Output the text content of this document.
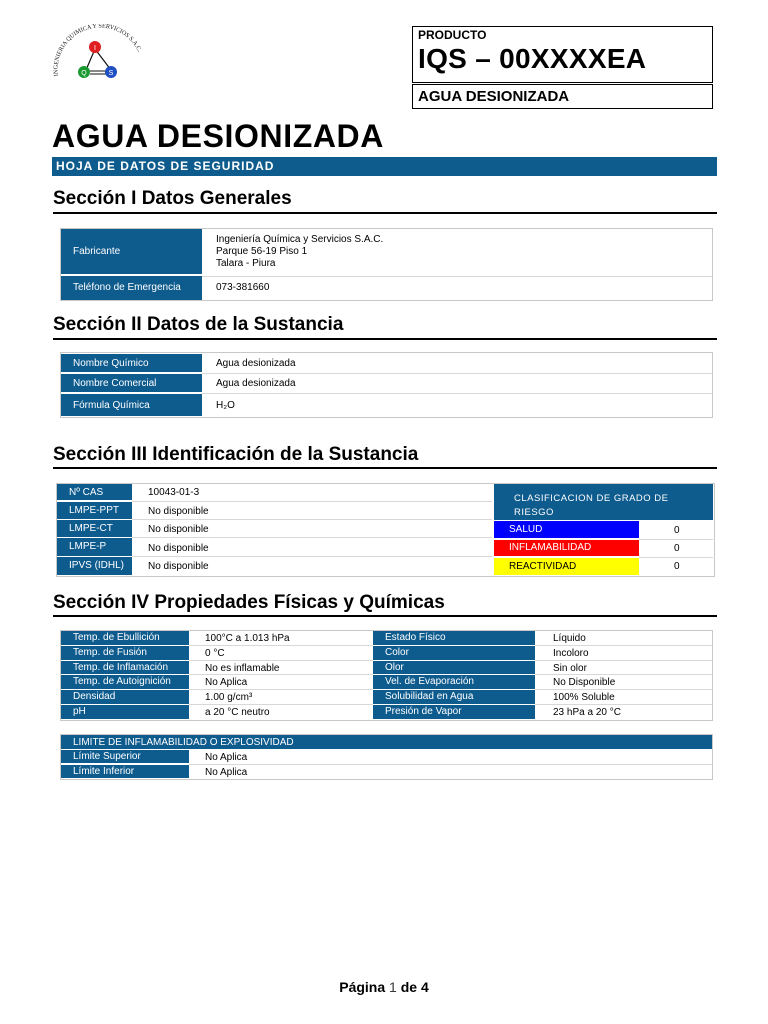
INGENIERIA QUIMICA Y SERVICIOS S.A.C.
I
Q	S
PRODUCTO
IQS – 00XXXXEA
AGUA DESIONIZADA
AGUA DESIONIZADA
HOJA DE DATOS DE SEGURIDAD
Sección I Datos Generales
Fabricante
Ingeniería Química y Servicios S.A.C.
Parque 56-19 Piso 1
Talara - Piura
Teléfono de Emergencia	073-381660
Sección II Datos de la Sustancia
Nombre Químico	Agua desionizada
Nombre Comercial	Agua desionizada
Fórmula Química	H₂O
Sección III Identificación de la Sustancia
Nº CAS	10043-01-3
LMPE-PPT	No disponible
LMPE-CT	No disponible
LMPE-P	No disponible
IPVS (IDHL) No disponible
CLASIFICACION DE GRADO DE RIESGO
SALUD	0
INFLAMABILIDAD	0
REACTIVIDAD	0
Sección IV Propiedades Físicas y Químicas
Temp. de Ebullición	100°C a 1.013 hPa	Estado Físico	Líquido
Temp. de Fusión	0 °C	Color	Incoloro
Temp. de Inflamación	No es inflamable	Olor	Sin olor
Temp. de Autoignición	No Aplica	Vel. de Evaporación	No Disponible
Densidad	1.00 g/cm³	Solubilidad en Agua	100% Soluble
pH	a 20 °C neutro	Presión de Vapor	23 hPa a 20 °C
LIMITE DE INFLAMABILIDAD O EXPLOSIVIDAD
Límite Superior	No Aplica
Límite Inferior	No Aplica
Página 1 de 4
